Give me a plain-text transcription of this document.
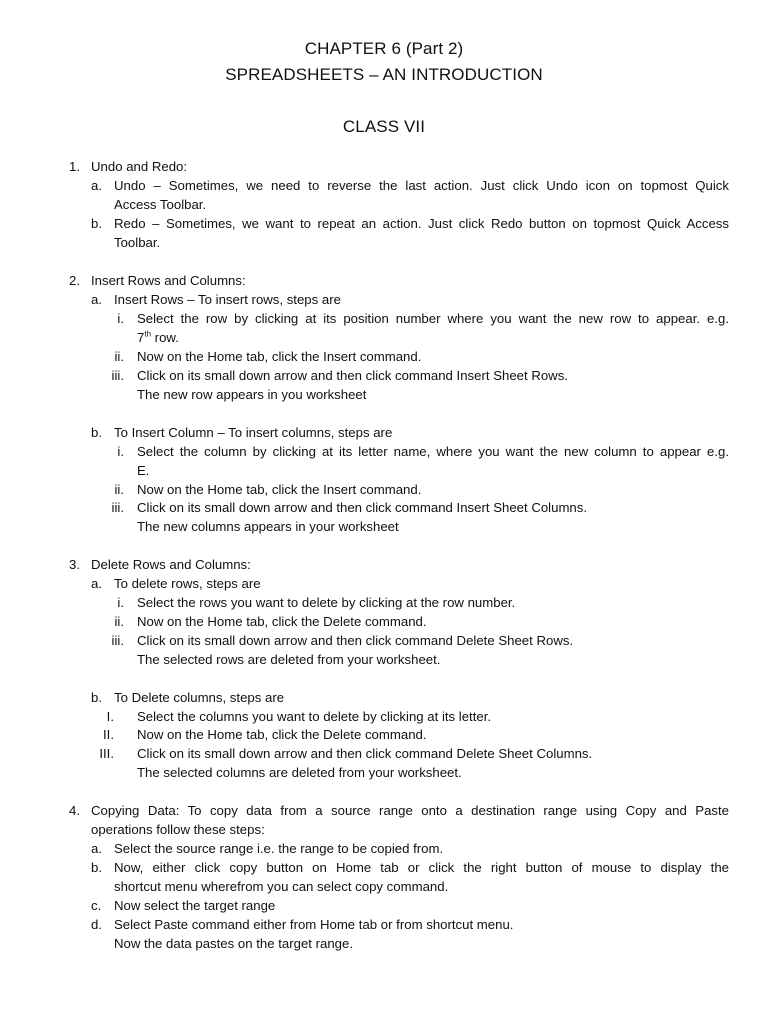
CHAPTER 6 (Part 2)
SPREADSHEETS – AN INTRODUCTION
CLASS VII
1. Undo and Redo:
a. Undo – Sometimes, we need to reverse the last action. Just click Undo icon on topmost Quick
Access Toolbar.
b. Redo – Sometimes, we want to repeat an action. Just click Redo button on topmost Quick Access
Toolbar.
2. Insert Rows and Columns:
a. Insert Rows – To insert rows, steps are
i. Select the row by clicking at its position number where you want the new row to appear. e.g.
7th row.
ii. Now on the Home tab, click the Insert command.
iii. Click on its small down arrow and then click command Insert Sheet Rows.
The new row appears in you worksheet
b. To Insert Column – To insert columns, steps are
i. Select the column by clicking at its letter name, where you want the new column to appear e.g.
E.
ii. Now on the Home tab, click the Insert command.
iii. Click on its small down arrow and then click command Insert Sheet Columns.
The new columns appears in your worksheet
3. Delete Rows and Columns:
a. To delete rows, steps are
i. Select the rows you want to delete by clicking at the row number.
ii. Now on the Home tab, click the Delete command.
iii. Click on its small down arrow and then click command Delete Sheet Rows.
The selected rows are deleted from your worksheet.
b. To Delete columns, steps are
I. Select the columns you want to delete by clicking at its letter.
II. Now on the Home tab, click the Delete command.
III. Click on its small down arrow and then click command Delete Sheet Columns.
The selected columns are deleted from your worksheet.
4. Copying Data: To copy data from a source range onto a destination range using Copy and Paste
operations follow these steps:
a. Select the source range i.e. the range to be copied from.
b. Now, either click copy button on Home tab or click the right button of mouse to display the
shortcut menu wherefrom you can select copy command.
c. Now select the target range
d. Select Paste command either from Home tab or from shortcut menu.
Now the data pastes on the target range.
